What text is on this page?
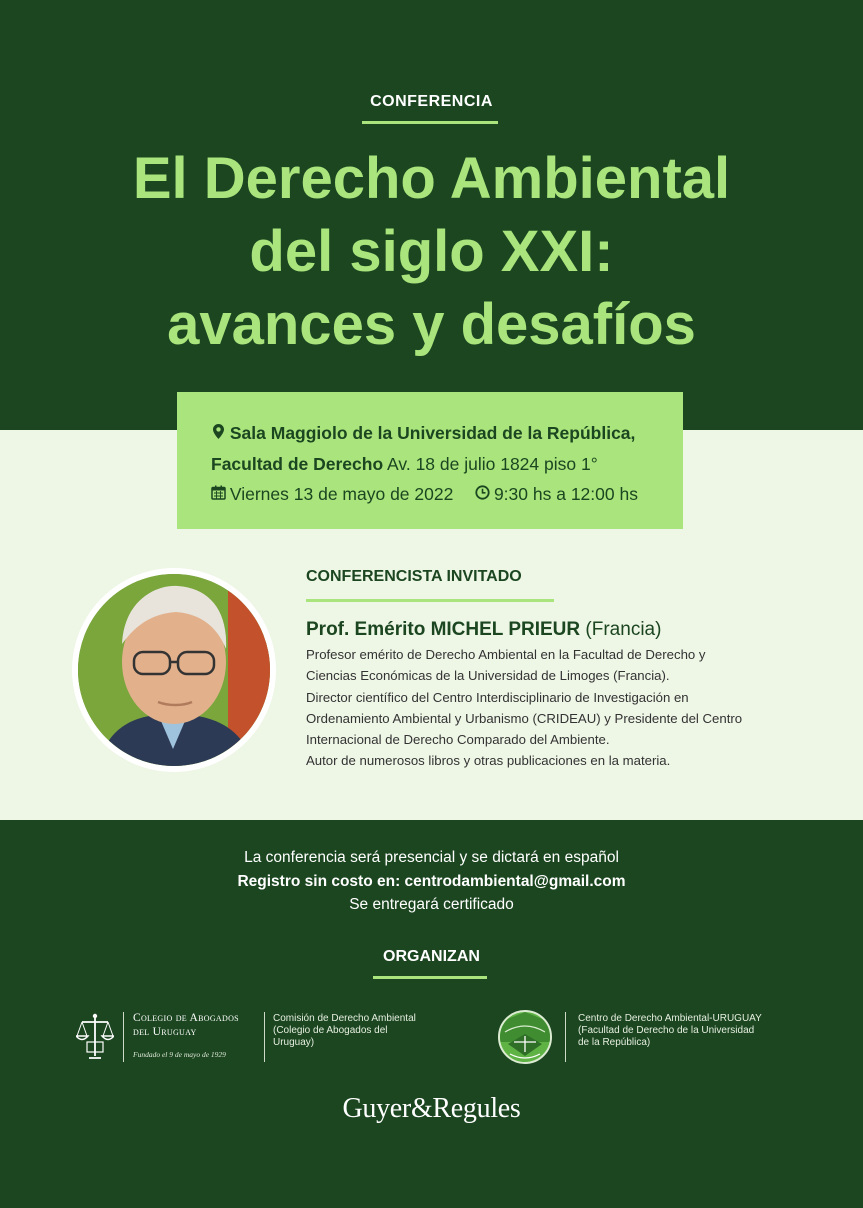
CONFERENCIA
El Derecho Ambiental
del siglo XXI:
avances y desafíos
Sala Maggiolo de la Universidad de la República,
Facultad de Derecho Av. 18 de julio 1824 piso 1°
Viernes 13 de mayo de 2022 9:30 hs a 12:00 hs
CONFERENCISTA INVITADO
Prof. Emérito MICHEL PRIEUR (Francia)
Profesor emérito de Derecho Ambiental en la Facultad de Derecho y
Ciencias Económicas de la Universidad de Limoges (Francia).
Director científico del Centro Interdisciplinario de Investigación en
Ordenamiento Ambiental y Urbanismo (CRIDEAU) y Presidente del Centro
Internacional de Derecho Comparado del Ambiente.
Autor de numerosos libros y otras publicaciones en la materia.
La conferencia será presencial y se dictará en español
Registro sin costo en: centrodambiental@gmail.com
Se entregará certificado
ORGANIZAN
Colegio de Abogados
del Uruguay
Fundado el 9 de mayo de 1929
Comisión de Derecho Ambiental
(Colegio de Abogados del
Uruguay)
Centro de Derecho Ambiental-URUGUAY
(Facultad de Derecho de la Universidad
de la República)
Guyer&Regules
